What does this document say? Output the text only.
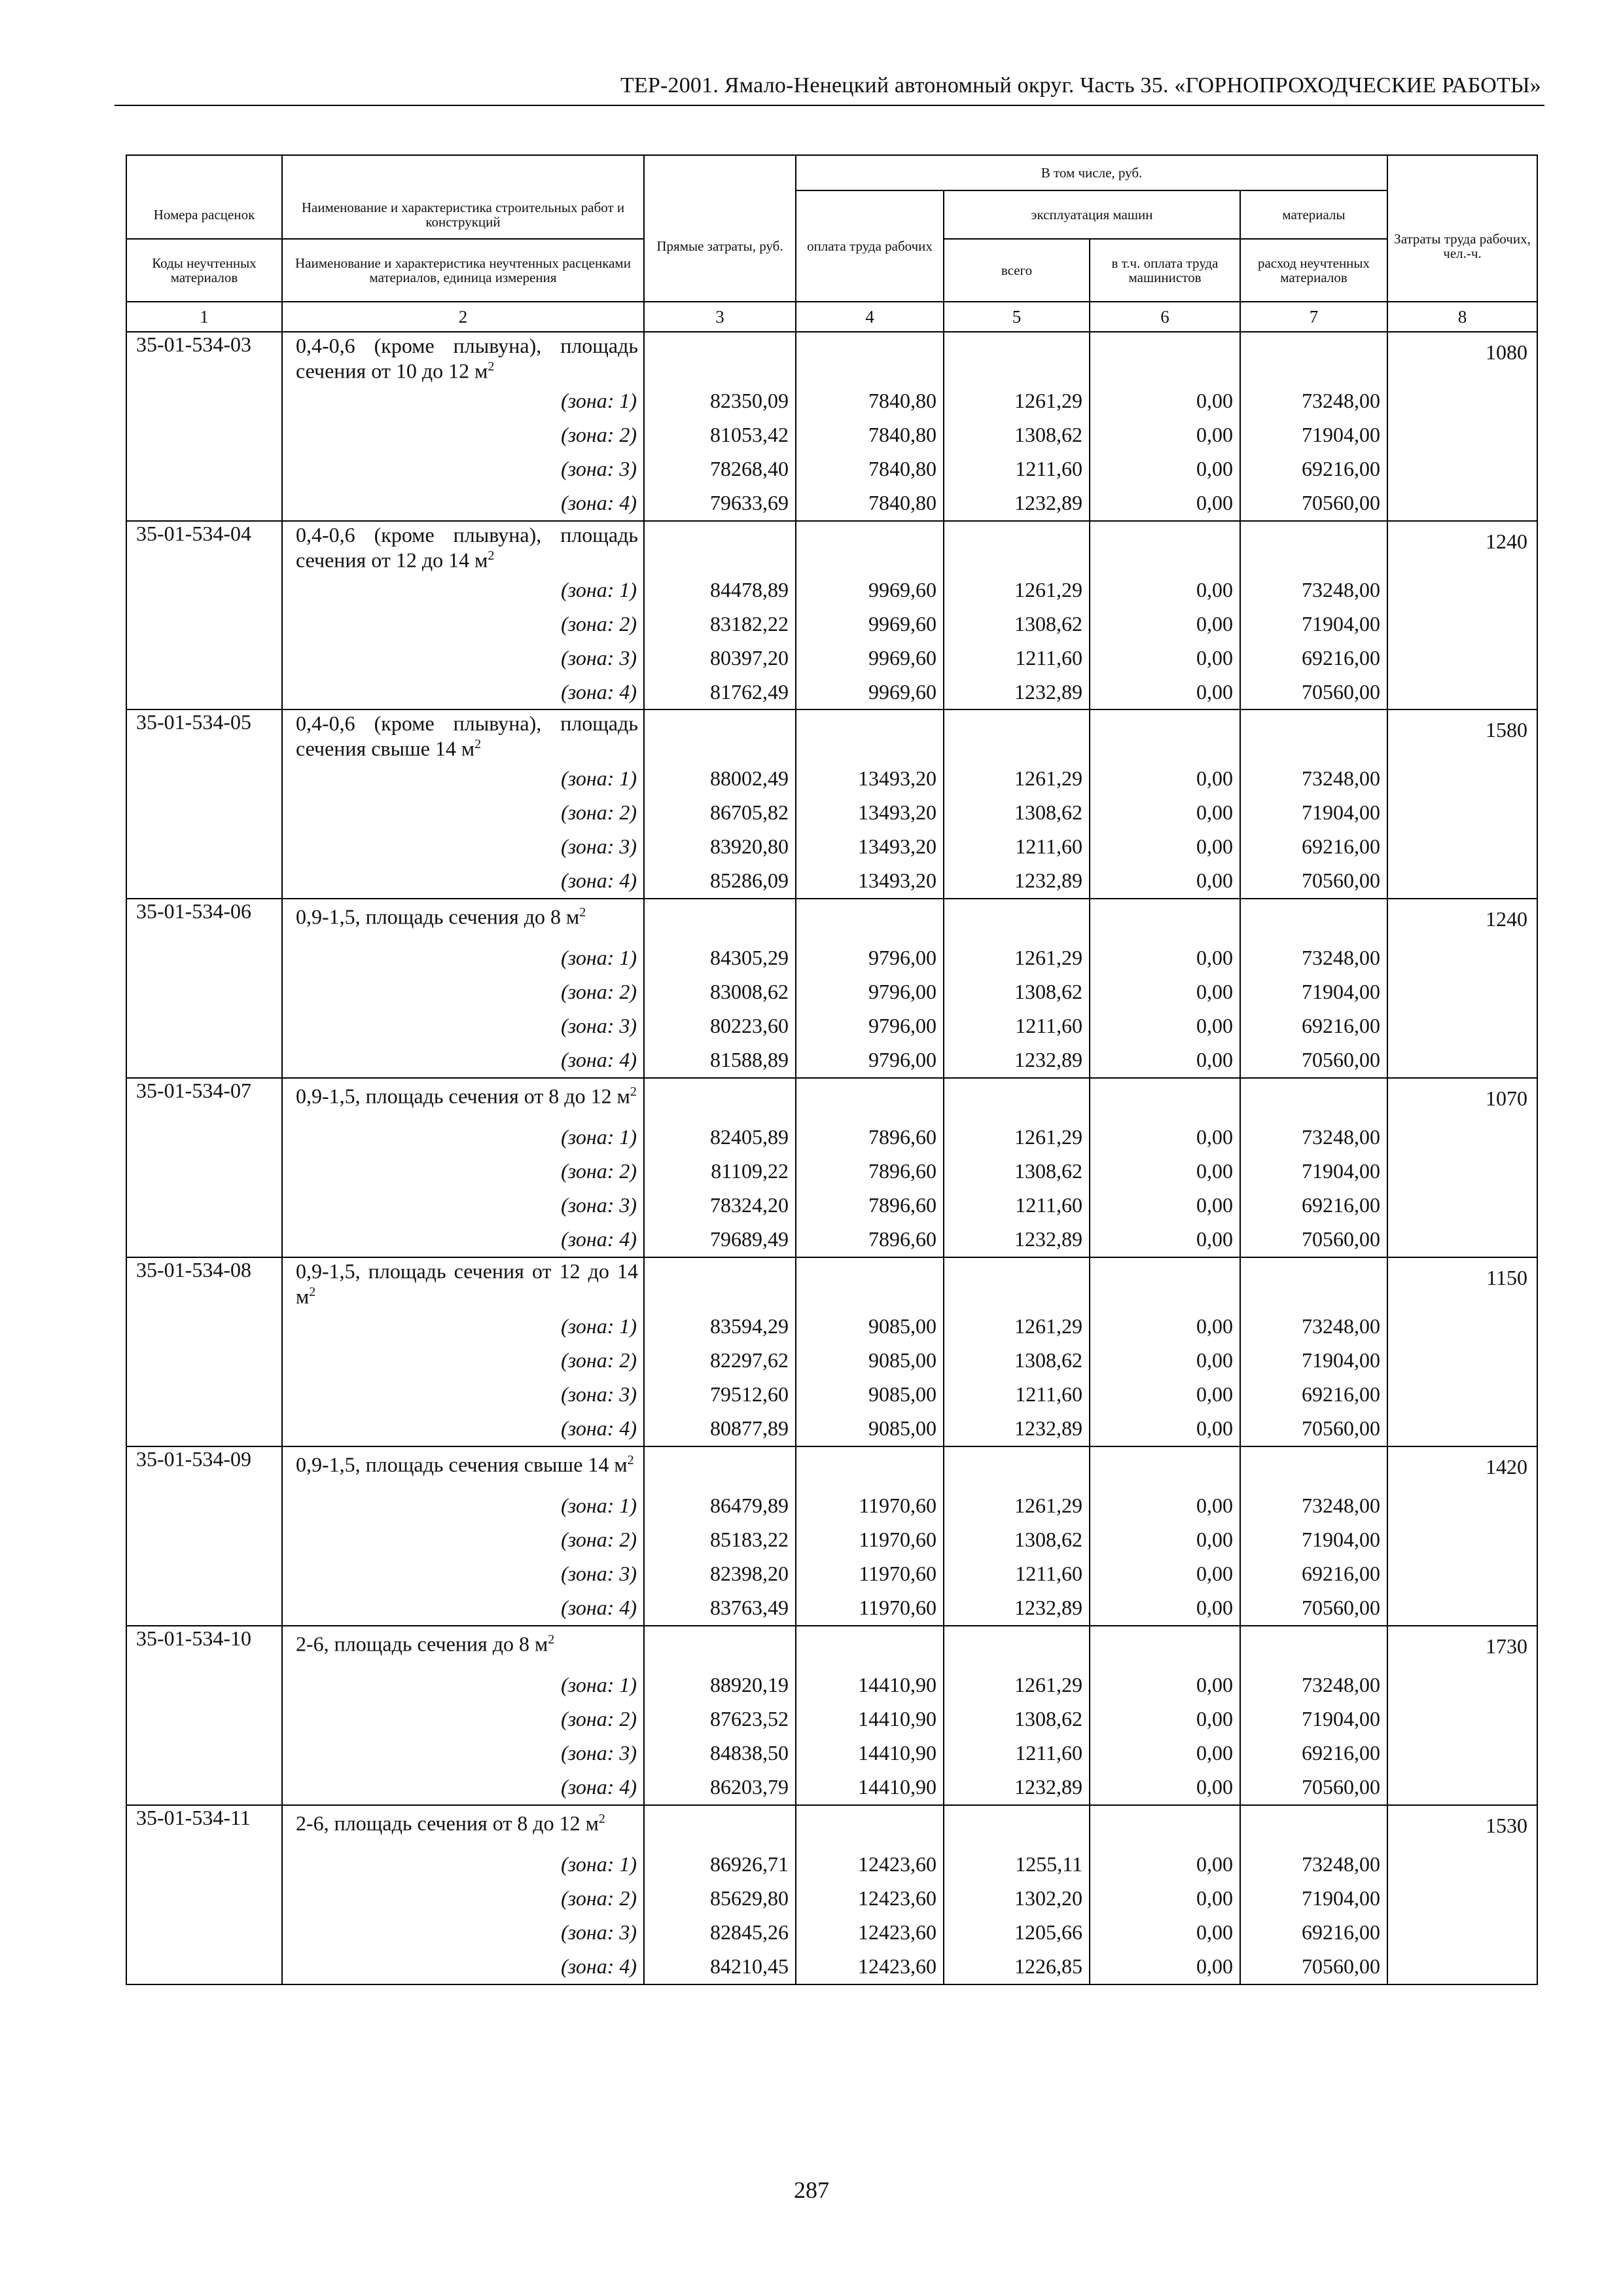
ТЕР-2001. Ямало-Ненецкий автономный округ. Часть 35. «ГОРНОПРОХОДЧЕСКИЕ РАБОТЫ»
			В том числе, руб.				
Номера расценок	Наименование и характеристика строительных работ и конструкций	Прямые затраты, руб.	оплата труда рабочих	эксплуатация машин		материалы	Затраты труда рабочих, чел.-ч.
Коды неучтенных материалов	Наименование и характеристика неучтенных расценками материалов, единица измерения			всего	в т.ч. оплата труда машинистов	расход неучтенных материалов	
1	2	3	4	5	6	7	8
35-01-534-03	0,4-0,6 (кроме плывуна), площадь сечения от 10 до 12 $м^2$						1080
	(зона: 1)	82350,09	7840,80	1261,29	0,00	73248,00	
	(зона: 2)	81053,42	7840,80	1308,62	0,00	71904,00	
	(зона: 3)	78268,40	7840,80	1211,60	0,00	69216,00	
	(зона: 4)	79633,69	7840,80	1232,89	0,00	70560,00	
35-01-534-04	0,4-0,6 (кроме плывуна), площадь сечения от 12 до 14 $м^2$						1240
	(зона: 1)	84478,89	9969,60	1261,29	0,00	73248,00	
	(зона: 2)	83182,22	9969,60	1308,62	0,00	71904,00	
	(зона: 3)	80397,20	9969,60	1211,60	0,00	69216,00	
	(зона: 4)	81762,49	9969,60	1232,89	0,00	70560,00	
35-01-534-05	0,4-0,6 (кроме плывуна), площадь сечения свыше 14 $м^2$						1580
	(зона: 1)	88002,49	13493,20	1261,29	0,00	73248,00	
	(зона: 2)	86705,82	13493,20	1308,62	0,00	71904,00	
	(зона: 3)	83920,80	13493,20	1211,60	0,00	69216,00	
	(зона: 4)	85286,09	13493,20	1232,89	0,00	70560,00	
35-01-534-06	0,9-1,5, площадь сечения до 8 $м^2$						1240
	(зона: 1)	84305,29	9796,00	1261,29	0,00	73248,00	
	(зона: 2)	83008,62	9796,00	1308,62	0,00	71904,00	
	(зона: 3)	80223,60	9796,00	1211,60	0,00	69216,00	
	(зона: 4)	81588,89	9796,00	1232,89	0,00	70560,00	
35-01-534-07	0,9-1,5, площадь сечения от 8 до 12 $м^2$						1070
	(зона: 1)	82405,89	7896,60	1261,29	0,00	73248,00	
	(зона: 2)	81109,22	7896,60	1308,62	0,00	71904,00	
	(зона: 3)	78324,20	7896,60	1211,60	0,00	69216,00	
	(зона: 4)	79689,49	7896,60	1232,89	0,00	70560,00	
35-01-534-08	0,9-1,5, площадь сечения от 12 до 14 $м^2$						1150
	(зона: 1)	83594,29	9085,00	1261,29	0,00	73248,00	
	(зона: 2)	82297,62	9085,00	1308,62	0,00	71904,00	
	(зона: 3)	79512,60	9085,00	1211,60	0,00	69216,00	
	(зона: 4)	80877,89	9085,00	1232,89	0,00	70560,00	
35-01-534-09	0,9-1,5, площадь сечения свыше 14 $м^2$						1420
	(зона: 1)	86479,89	11970,60	1261,29	0,00	73248,00	
	(зона: 2)	85183,22	11970,60	1308,62	0,00	71904,00	
	(зона: 3)	82398,20	11970,60	1211,60	0,00	69216,00	
	(зона: 4)	83763,49	11970,60	1232,89	0,00	70560,00	
35-01-534-10	2-6, площадь сечения до 8 $м^2$						1730
	(зона: 1)	88920,19	14410,90	1261,29	0,00	73248,00	
	(зона: 2)	87623,52	14410,90	1308,62	0,00	71904,00	
	(зона: 3)	84838,50	14410,90	1211,60	0,00	69216,00	
	(зона: 4)	86203,79	14410,90	1232,89	0,00	70560,00	
35-01-534-11	2-6, площадь сечения от 8 до 12 $м^2$						1530
	(зона: 1)	86926,71	12423,60	1255,11	0,00	73248,00	
	(зона: 2)	85629,80	12423,60	1302,20	0,00	71904,00	
	(зона: 3)	82845,26	12423,60	1205,66	0,00	69216,00	
	(зона: 4)	84210,45	12423,60	1226,85	0,00	70560,00	
287
